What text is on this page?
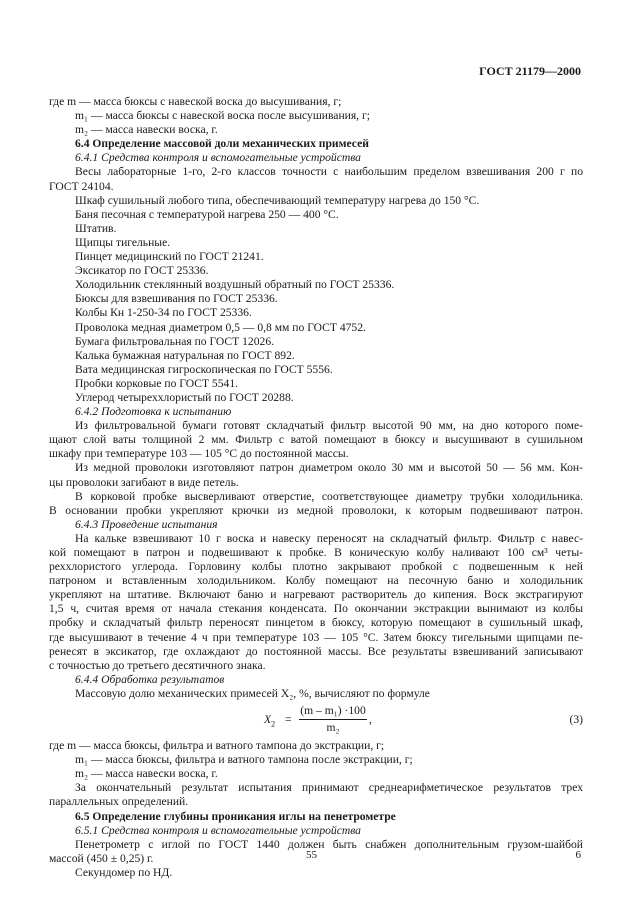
ГОСТ 21179—2000
где m — масса бюксы с навеской воска до высушивания, г;
m₁ — масса бюксы с навеской воска после высушивания, г;
m₂ — масса навески воска, г.
6.4 Определение массовой доли механических примесей
6.4.1 Средства контроля и вспомогательные устройства
Весы лабораторные 1-го, 2-го классов точности с наибольшим пределом взвешивания 200 г по
ГОСТ 24104.
Шкаф сушильный любого типа, обеспечивающий температуру нагрева до 150 °С.
Баня песочная с температурой нагрева 250 — 400 °С.
Штатив.
Щипцы тигельные.
Пинцет медицинский по ГОСТ 21241.
Эксикатор по ГОСТ 25336.
Холодильник стеклянный воздушный обратный по ГОСТ 25336.
Бюксы для взвешивания по ГОСТ 25336.
Колбы Кн 1-250-34 по ГОСТ 25336.
Проволока медная диаметром 0,5 — 0,8 мм по ГОСТ 4752.
Бумага фильтровальная по ГОСТ 12026.
Калька бумажная натуральная по ГОСТ 892.
Вата медицинская гигроскопическая по ГОСТ 5556.
Пробки корковые по ГОСТ 5541.
Углерод четыреххлористый по ГОСТ 20288.
6.4.2 Подготовка к испытанию
Из фильтровальной бумаги готовят складчатый фильтр высотой 90 мм, на дно которого поме-
щают слой ваты толщиной 2 мм. Фильтр с ватой помещают в бюксу и высушивают в сушильном
шкафу при температуре 103 — 105 °С до постоянной массы.
Из медной проволоки изготовляют патрон диаметром около 30 мм и высотой 50 — 56 мм. Кон-
цы проволоки загибают в виде петель.
В корковой пробке высверливают отверстие, соответствующее диаметру трубки холодильника.
В основании пробки укрепляют крючки из медной проволоки, к которым подвешивают патрон.
6.4.3 Проведение испытания
На кальке взвешивают 10 г воска и навеску переносят на складчатый фильтр. Фильтр с навес-
кой помещают в патрон и подвешивают к пробке. В коническую колбу наливают 100 см³ четы-
реххлористого углерода. Горловину колбы плотно закрывают пробкой с подвешенным к ней
патроном и вставленным холодильником. Колбу помещают на песочную баню и холодильник
укрепляют на штативе. Включают баню и нагревают растворитель до кипения. Воск экстрагируют
1,5 ч, считая время от начала стекания конденсата. По окончании экстракции вынимают из колбы
пробку и складчатый фильтр переносят пинцетом в бюксу, которую помещают в сушильный шкаф,
где высушивают в течение 4 ч при температуре 103 — 105 °С. Затем бюксу тигельными щипцами пе-
ренесят в эксикатор, где охлаждают до постоянной массы. Все результаты взвешиваний записывают
с точностью до третьего десятичного знака.
6.4.4 Обработка результатов
Массовую долю механических примесей X₂, %, вычисляют по формуле
$X_2 = \frac{\text{(m – m₁) ·100}}{\text{m₂}}$ ,	(3)
где m — масса бюксы, фильтра и ватного тампона до экстракции, г;
m₁ — масса бюксы, фильтра и ватного тампона после экстракции, г;
m₂ — масса навески воска, г.
За окончательный результат испытания принимают среднеарифметическое результатов трех
параллельных определений.
6.5 Определение глубины проникания иглы на пенетрометре
6.5.1 Средства контроля и вспомогательные устройства
Пенетрометр с иглой по ГОСТ 1440 должен быть снабжен дополнительным грузом-шайбой
массой (450 ± 0,25) г.
Секундомер по НД.
55	6
